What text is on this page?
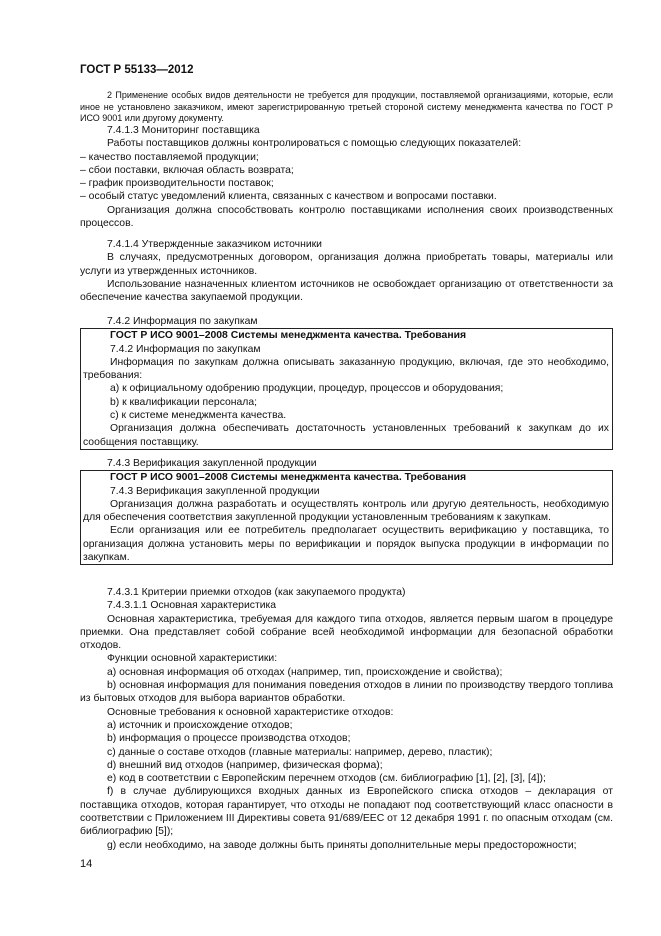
ГОСТ Р 55133—2012

2 Применение особых видов деятельности не требуется для продукции, поставляемой организациями, которые, если иное не установлено заказчиком, имеют зарегистрированную третьей стороной систему менеджмента качества по ГОСТ Р ИСО 9001 или другому документу.

7.4.1.3 Мониторинг поставщика

Работы поставщиков должны контролироваться с помощью следующих показателей:

– качество поставляемой продукции;

– сбои поставки, включая область возврата;

– график производительности поставок;

– особый статус уведомлений клиента, связанных с качеством и вопросами поставки.

Организация должна способствовать контролю поставщиками исполнения своих производственных процессов.

7.4.1.4 Утвержденные заказчиком источники

В случаях, предусмотренных договором, организация должна приобретать товары, материалы или услуги из утвержденных источников.

Использование назначенных клиентом источников не освобождает организацию от ответственности за обеспечение качества закупаемой продукции.

7.4.2 Информация по закупкам

ГОСТ Р ИСО 9001–2008 Системы менеджмента качества. Требования

7.4.2 Информация по закупкам

Информация по закупкам должна описывать заказанную продукцию, включая, где это необходимо, требования:

a) к официальному одобрению продукции, процедур, процессов и оборудования;

b) к квалификации персонала;

c) к системе менеджмента качества.

Организация должна обеспечивать достаточность установленных требований к закупкам до их сообщения поставщику.

7.4.3 Верификация закупленной продукции

ГОСТ Р ИСО 9001–2008 Системы менеджмента качества. Требования

7.4.3 Верификация закупленной продукции

Организация должна разработать и осуществлять контроль или другую деятельность, необходимую для обеспечения соответствия закупленной продукции установленным требованиям к закупкам.

Если организация или ее потребитель предполагает осуществить верификацию у поставщика, то организация должна установить меры по верификации и порядок выпуска продукции в информации по закупкам.

7.4.3.1 Критерии приемки отходов (как закупаемого продукта)

7.4.3.1.1 Основная характеристика

Основная характеристика, требуемая для каждого типа отходов, является первым шагом в процедуре приемки. Она представляет собой собрание всей необходимой информации для безопасной обработки отходов.

Функции основной характеристики:

a) основная информация об отходах (например, тип, происхождение и свойства);

b) основная информация для понимания поведения отходов в линии по производству твердого топлива из бытовых отходов для выбора вариантов обработки.

Основные требования к основной характеристике отходов:

a) источник и происхождение отходов;

b) информация о процессе производства отходов;

c) данные о составе отходов (главные материалы: например, дерево, пластик);

d) внешний вид отходов (например, физическая форма);

e) код в соответствии с Европейским перечнем отходов (см. библиографию [1], [2], [3], [4]);

f) в случае дублирующихся входных данных из Европейского списка отходов – декларация от поставщика отходов, которая гарантирует, что отходы не попадают под соответствующий класс опасности в соответствии с Приложением III Директивы совета 91/689/EEC от 12 декабря 1991 г. по опасным отходам (см. библиографию [5]);

g) если необходимо, на заводе должны быть приняты дополнительные меры предосторожности;

14
